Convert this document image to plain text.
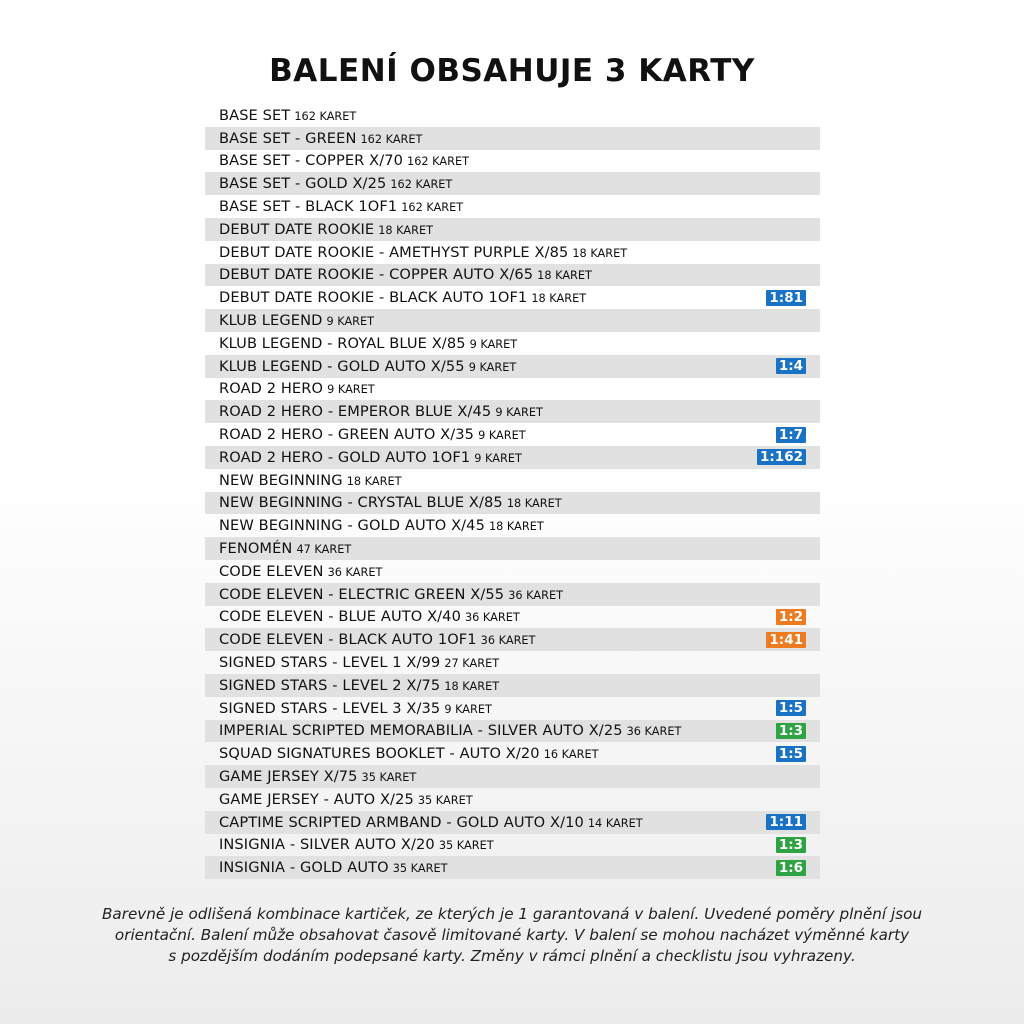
BALENÍ OBSAHUJE 3 KARTY
BASE SET 162 KARET
BASE SET - GREEN 162 KARET
BASE SET - COPPER X/70 162 KARET
BASE SET - GOLD X/25 162 KARET
BASE SET - BLACK 1OF1 162 KARET
DEBUT DATE ROOKIE 18 KARET
DEBUT DATE ROOKIE - AMETHYST PURPLE X/85 18 KARET
DEBUT DATE ROOKIE - COPPER AUTO X/65 18 KARET
DEBUT DATE ROOKIE - BLACK AUTO 1OF1 18 KARET	1:81
KLUB LEGEND 9 KARET
KLUB LEGEND - ROYAL BLUE X/85 9 KARET
KLUB LEGEND - GOLD AUTO X/55 9 KARET	1:4
ROAD 2 HERO 9 KARET
ROAD 2 HERO - EMPEROR BLUE X/45 9 KARET
ROAD 2 HERO - GREEN AUTO X/35 9 KARET	1:7
ROAD 2 HERO - GOLD AUTO 1OF1 9 KARET	1:162
NEW BEGINNING 18 KARET
NEW BEGINNING - CRYSTAL BLUE X/85 18 KARET
NEW BEGINNING - GOLD AUTO X/45 18 KARET
FENOMÉN 47 KARET
CODE ELEVEN 36 KARET
CODE ELEVEN - ELECTRIC GREEN X/55 36 KARET
CODE ELEVEN - BLUE AUTO X/40 36 KARET	1:2
CODE ELEVEN - BLACK AUTO 1OF1 36 KARET	1:41
SIGNED STARS - LEVEL 1 X/99 27 KARET
SIGNED STARS - LEVEL 2 X/75 18 KARET
SIGNED STARS - LEVEL 3 X/35 9 KARET	1:5
IMPERIAL SCRIPTED MEMORABILIA - SILVER AUTO X/25 36 KARET	1:3
SQUAD SIGNATURES BOOKLET - AUTO X/20 16 KARET	1:5
GAME JERSEY X/75 35 KARET
GAME JERSEY - AUTO X/25 35 KARET
CAPTIME SCRIPTED ARMBAND - GOLD AUTO X/10 14 KARET	1:11
INSIGNIA - SILVER AUTO X/20 35 KARET	1:3
INSIGNIA - GOLD AUTO 35 KARET	1:6
Barevně je odlišená kombinace kartiček, ze kterých je 1 garantovaná v balení. Uvedené poměry plnění jsou
orientační. Balení může obsahovat časově limitované karty. V balení se mohou nacházet výměnné karty
s pozdějším dodáním podepsané karty. Změny v rámci plnění a checklistu jsou vyhrazeny.
